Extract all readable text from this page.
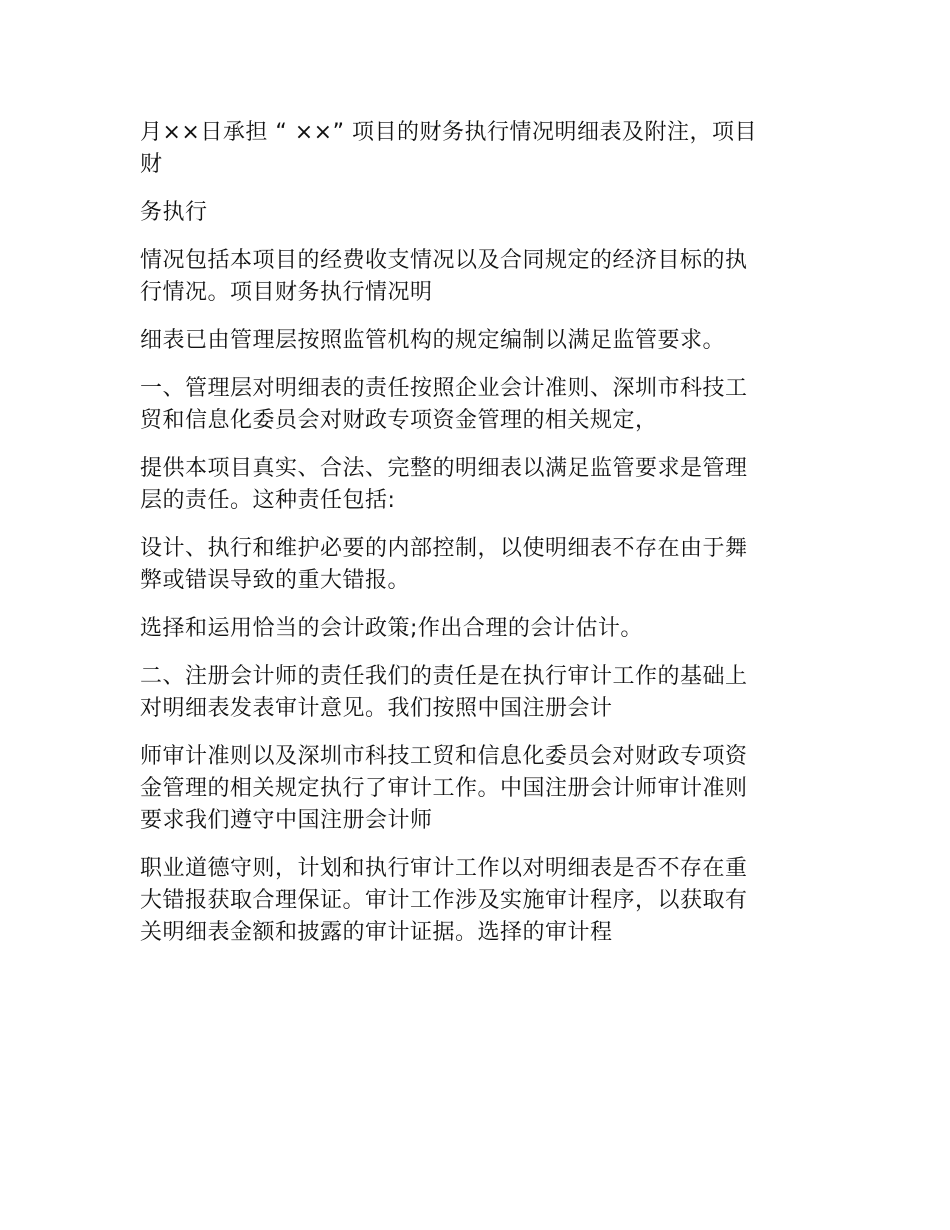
月××日承担 “ ××” 项目的财务执行情况明细表及附注，项目
财
务执行
情况包括本项目的经费收支情况以及合同规定的经济目标的执
行情况。项目财务执行情况明
细表已由管理层按照监管机构的规定编制以满足监管要求。
一、管理层对明细表的责任按照企业会计准则、深圳市科技工
贸和信息化委员会对财政专项资金管理的相关规定，
提供本项目真实、合法、完整的明细表以满足监管要求是管理
层的责任。这种责任包括:
设计、执行和维护必要的内部控制，以使明细表不存在由于舞
弊或错误导致的重大错报。
选择和运用恰当的会计政策;作出合理的会计估计。
二、注册会计师的责任我们的责任是在执行审计工作的基础上
对明细表发表审计意见。我们按照中国注册会计
师审计准则以及深圳市科技工贸和信息化委员会对财政专项资
金管理的相关规定执行了审计工作。中国注册会计师审计准则
要求我们遵守中国注册会计师
职业道德守则，计划和执行审计工作以对明细表是否不存在重
大错报获取合理保证。审计工作涉及实施审计程序，以获取有
关明细表金额和披露的审计证据。选择的审计程
